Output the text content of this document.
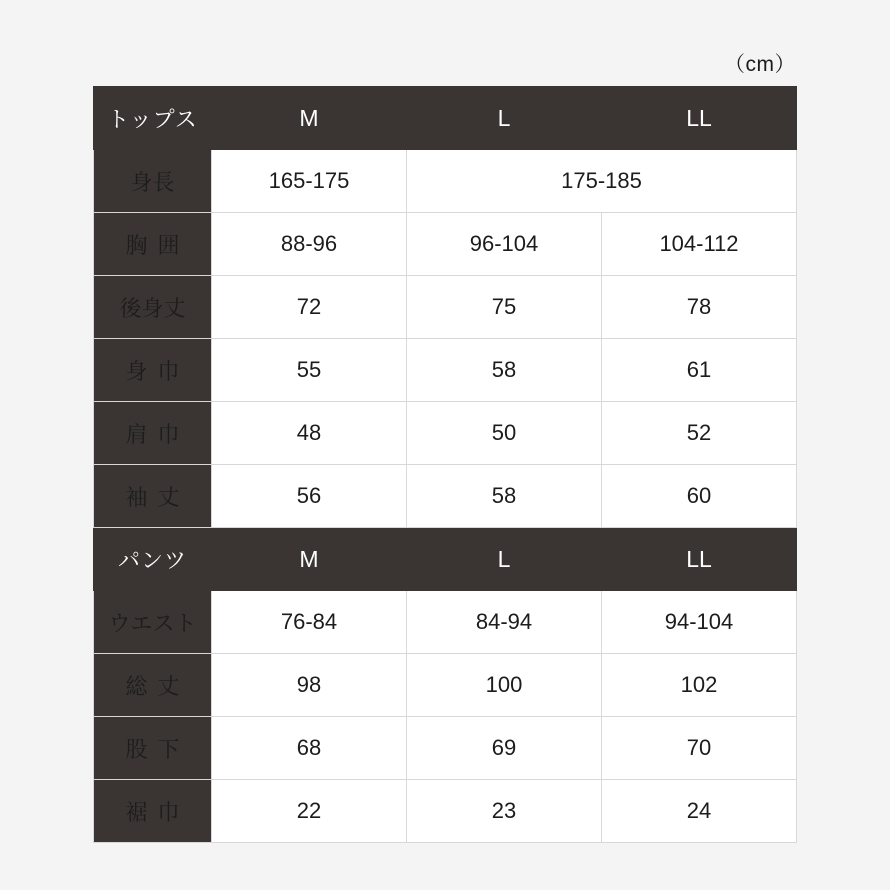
（cm）
トップス	M	L	LL
身長	165-175	175-185	
胸囲	88-96	96-104	104-112
後身丈	72	75	78
身巾	55	58	61
肩巾	48	50	52
袖丈	56	58	60
パンツ	M	L	LL
ウエスト	76-84	84-94	94-104
総丈	98	100	102
股下	68	69	70
裾巾	22	23	24
